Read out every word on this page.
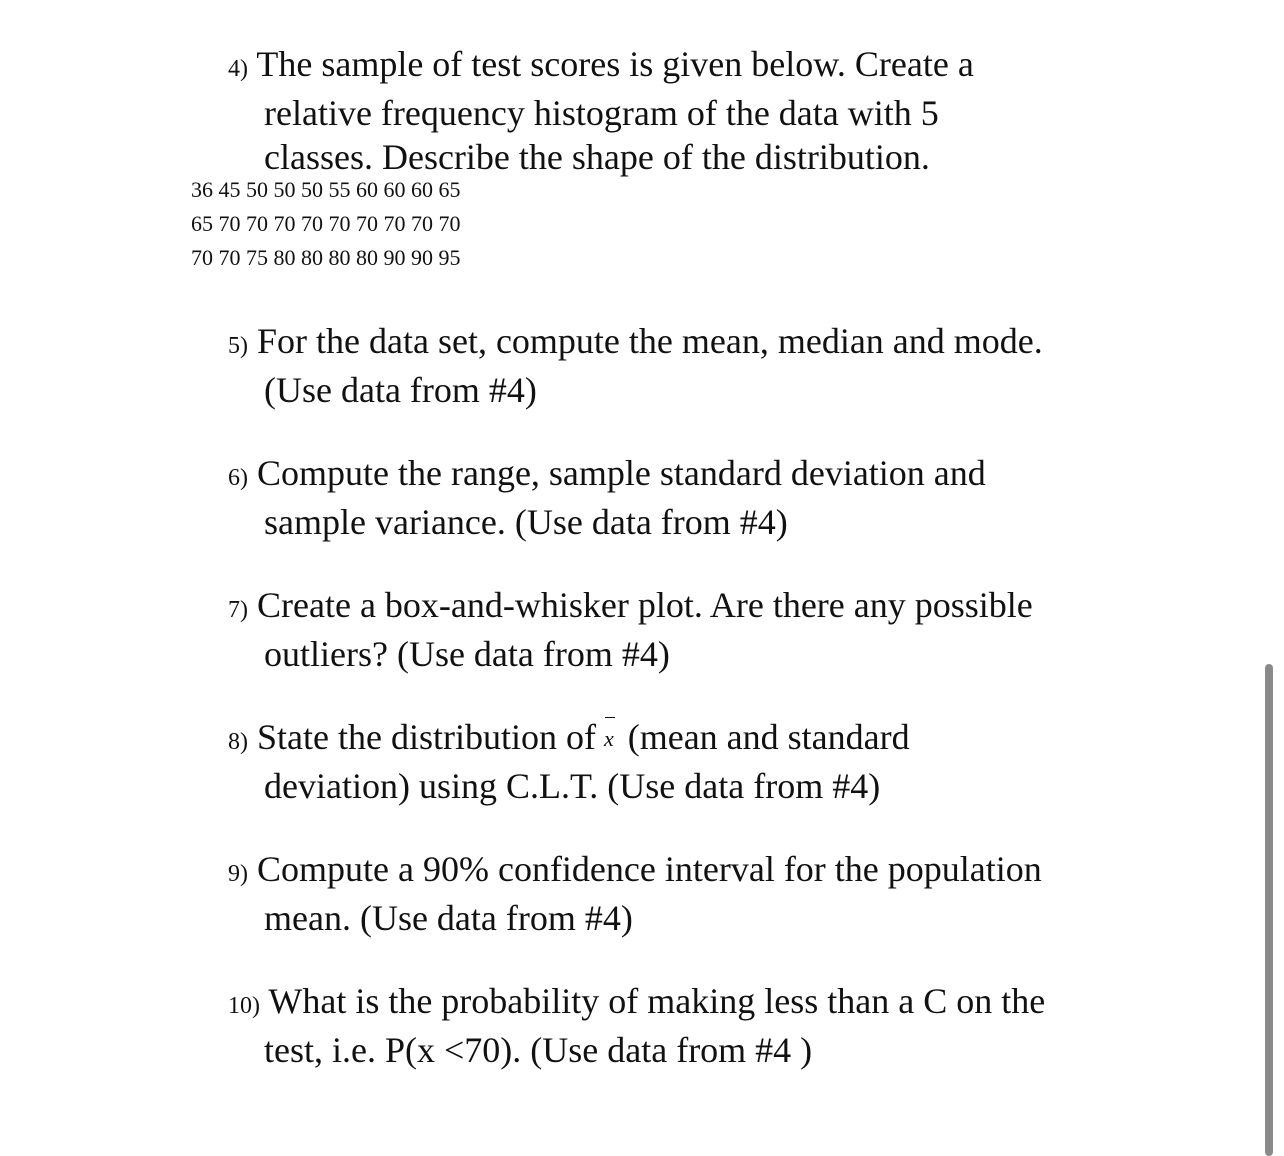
4) The sample of test scores is given below. Create a
relative frequency histogram of the data with 5
classes. Describe the shape of the distribution.
36 45 50 50 50 55 60 60 60 65
65 70 70 70 70 70 70 70 70 70
70 70 75 80 80 80 80 90 90 95
5) For the data set, compute the mean, median and mode.
(Use data from #4)
6) Compute the range, sample standard deviation and
sample variance. (Use data from #4)
7) Create a box-and-whisker plot. Are there any possible
outliers? (Use data from #4)
8) State the distribution of x (mean and standard
deviation) using C.L.T. (Use data from #4)
9) Compute a 90% confidence interval for the population
mean. (Use data from #4)
10) What is the probability of making less than a C on the
test, i.e. P(x <70). (Use data from #4 )
